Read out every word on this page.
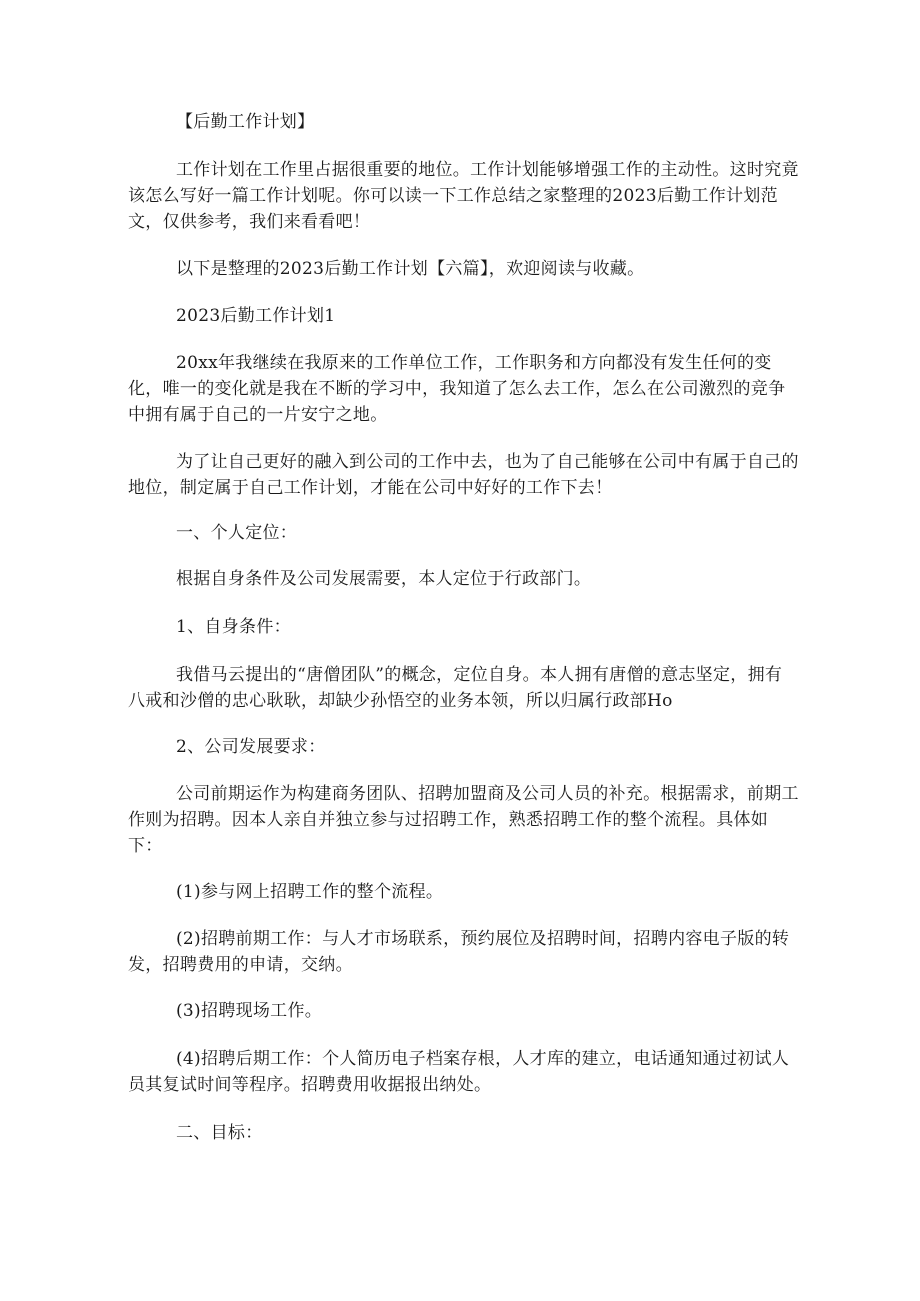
【后勤工作计划】
工作计划在工作里占据很重要的地位。工作计划能够增强工作的主动性。这时究竟
该怎么写好一篇工作计划呢。你可以读一下工作总结之家整理的2023后勤工作计划范
文，仅供参考，我们来看看吧！
以下是整理的2023后勤工作计划【六篇】，欢迎阅读与收藏。
2023后勤工作计划1
20xx年我继续在我原来的工作单位工作，工作职务和方向都没有发生任何的变
化，唯一的变化就是我在不断的学习中，我知道了怎么去工作，怎么在公司激烈的竞争
中拥有属于自己的一片安宁之地。
为了让自己更好的融入到公司的工作中去，也为了自己能够在公司中有属于自己的
地位，制定属于自己工作计划，才能在公司中好好的工作下去！
一、个人定位：
根据自身条件及公司发展需要，本人定位于行政部门。
1、自身条件：
我借马云提出的“唐僧团队”的概念，定位自身。本人拥有唐僧的意志坚定，拥有
八戒和沙僧的忠心耿耿，却缺少孙悟空的业务本领，所以归属行政部Ho
2、公司发展要求：
公司前期运作为构建商务团队、招聘加盟商及公司人员的补充。根据需求，前期工
作则为招聘。因本人亲自并独立参与过招聘工作，熟悉招聘工作的整个流程。具体如
下：
(1)参与网上招聘工作的整个流程。
(2)招聘前期工作：与人才市场联系，预约展位及招聘时间，招聘内容电子版的转
发，招聘费用的申请，交纳。
(3)招聘现场工作。
(4)招聘后期工作：个人简历电子档案存根，人才库的建立，电话通知通过初试人
员其复试时间等程序。招聘费用收据报出纳处。
二、目标：
